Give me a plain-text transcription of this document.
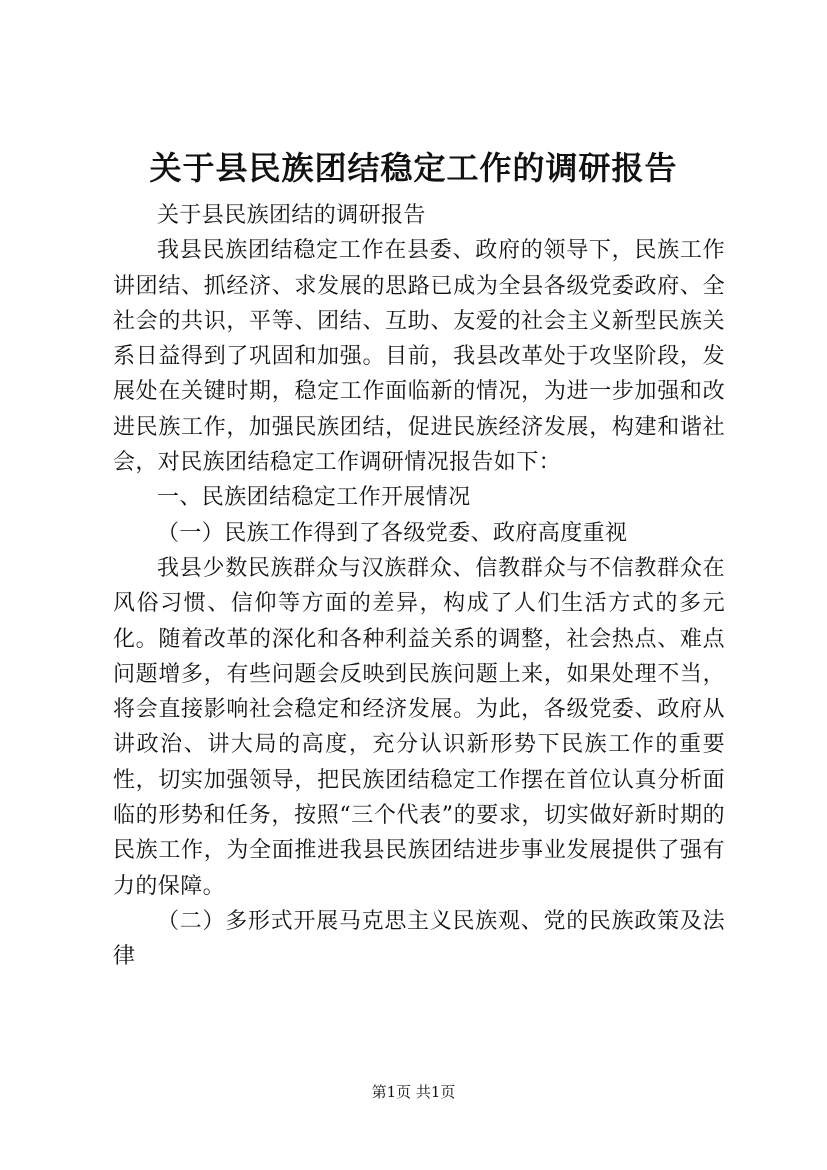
关于县民族团结稳定工作的调研报告

关于县民族团结的调研报告

我县民族团结稳定工作在县委、政府的领导下，民族工作讲团结、抓经济、求发展的思路已成为全县各级党委政府、全社会的共识，平等、团结、互助、友爱的社会主义新型民族关系日益得到了巩固和加强。目前，我县改革处于攻坚阶段，发展处在关键时期，稳定工作面临新的情况，为进一步加强和改进民族工作，加强民族团结，促进民族经济发展，构建和谐社会，对民族团结稳定工作调研情况报告如下：

一、民族团结稳定工作开展情况

（一）民族工作得到了各级党委、政府高度重视

我县少数民族群众与汉族群众、信教群众与不信教群众在风俗习惯、信仰等方面的差异，构成了人们生活方式的多元化。随着改革的深化和各种利益关系的调整，社会热点、难点问题增多，有些问题会反映到民族问题上来，如果处理不当，将会直接影响社会稳定和经济发展。为此，各级党委、政府从讲政治、讲大局的高度，充分认识新形势下民族工作的重要性，切实加强领导，把民族团结稳定工作摆在首位认真分析面临的形势和任务，按照“三个代表”的要求，切实做好新时期的民族工作，为全面推进我县民族团结进步事业发展提供了强有力的保障。

（二）多形式开展马克思主义民族观、党的民族政策及法律

第1页 共1页
